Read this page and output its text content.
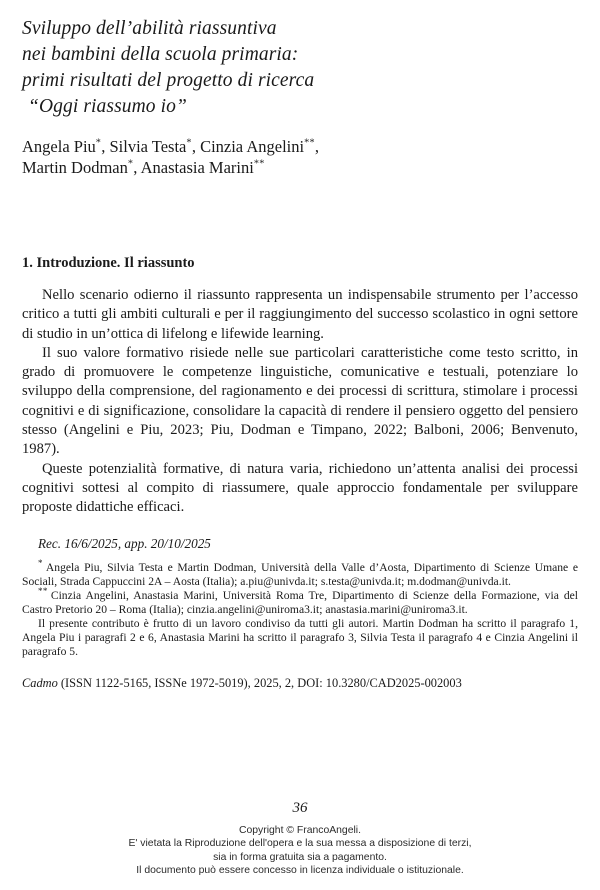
Sviluppo dell’abilità riassuntiva
nei bambini della scuola primaria:
primi risultati del progetto di ricerca
“Oggi riassumo io”
Angela Piu*, Silvia Testa*, Cinzia Angelini**,
Martin Dodman*, Anastasia Marini**
1. Introduzione. Il riassunto

Nello scenario odierno il riassunto rappresenta un indispensabile strumento per l’accesso critico a tutti gli ambiti culturali e per il raggiungimento del successo scolastico in ogni settore di studio in un’ottica di lifelong e lifewide learning.

Il suo valore formativo risiede nelle sue particolari caratteristiche come testo scritto, in grado di promuovere le competenze linguistiche, comunicative e testuali, potenziare lo sviluppo della comprensione, del ragionamento e dei processi di scrittura, stimolare i processi cognitivi e di significazione, consolidare la capacità di rendere il pensiero oggetto del pensiero stesso (Angelini e Piu, 2023; Piu, Dodman e Timpano, 2022; Balboni, 2006; Benvenuto, 1987).

Queste potenzialità formative, di natura varia, richiedono un’attenta analisi dei processi cognitivi sottesi al compito di riassumere, quale approccio fondamentale per sviluppare proposte didattiche efficaci.

Rec. 16/6/2025, app. 20/10/2025

* Angela Piu, Silvia Testa e Martin Dodman, Università della Valle d’Aosta, Dipartimento di Scienze Umane e Sociali, Strada Cappuccini 2A – Aosta (Italia); a.piu@univda.it; s.testa@univda.it; m.dodman@univda.it.

** Cinzia Angelini, Anastasia Marini, Università Roma Tre, Dipartimento di Scienze della Formazione, via del Castro Pretorio 20 – Roma (Italia); cinzia.angelini@uniroma3.it; anastasia.marini@uniroma3.it.

Il presente contributo è frutto di un lavoro condiviso da tutti gli autori. Martin Dodman ha scritto il paragrafo 1, Angela Piu i paragrafi 2 e 6, Anastasia Marini ha scritto il paragrafo 3, Silvia Testa il paragrafo 4 e Cinzia Angelini il paragrafo 5.

Cadmo (ISSN 1122-5165, ISSNe 1972-5019), 2025, 2, DOI: 10.3280/CAD2025-002003
36
Copyright © FrancoAngeli.
E' vietata la Riproduzione dell'opera e la sua messa a disposizione di terzi,
sia in forma gratuita sia a pagamento.
Il documento può essere concesso in licenza individuale o istituzionale.
